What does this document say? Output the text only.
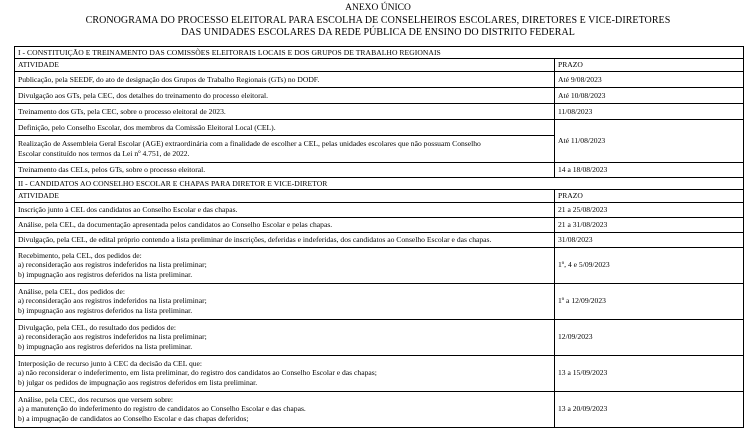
ANEXO ÚNICO
CRONOGRAMA DO PROCESSO ELEITORAL PARA ESCOLHA DE CONSELHEIROS ESCOLARES, DIRETORES E VICE-DIRETORES
DAS UNIDADES ESCOLARES DA REDE PÚBLICA DE ENSINO DO DISTRITO FEDERAL
I - CONSTITUIÇÃO E TREINAMENTO DAS COMISSÕES ELEITORAIS LOCAIS E DOS GRUPOS DE TRABALHO REGIONAIS	
ATIVIDADE	PRAZO
Publicação, pela SEEDF, do ato de designação dos Grupos de Trabalho Regionais (GTs) no DODF.	Até 9/08/2023
Divulgação aos GTs, pela CEC, dos detalhes do treinamento do processo eleitoral.	Até 10/08/2023
Treinamento dos GTs, pela CEC, sobre o processo eleitoral de 2023.	11/08/2023
Definição, pelo Conselho Escolar, dos membros da Comissão Eleitoral Local (CEL).	Até 11/08/2023

Realização de Assembleia Geral Escolar (AGE) extraordinária com a finalidade de escolher a CEL, pelas unidades escolares que não possuam Conselho
Escolar constituído nos termos da Lei nº 4.751, de 2022.	

Treinamento das CELs, pelos GTs, sobre o processo eleitoral.	14 a 18/08/2023
II - CANDIDATOS AO CONSELHO ESCOLAR E CHAPAS PARA DIRETOR E VICE-DIRETOR	
ATIVIDADE	PRAZO
Inscrição junto à CEL dos candidatos ao Conselho Escolar e das chapas.	21 a 25/08/2023
Análise, pela CEL, da documentação apresentada pelos candidatos ao Conselho Escolar e pelas chapas.	21 a 31/08/2023
Divulgação, pela CEL, de edital próprio contendo a lista preliminar de inscrições, deferidas e indeferidas, dos candidatos ao Conselho Escolar e das chapas.	31/08/2023

Recebimento, pela CEL, dos pedidos de:
a) reconsideração aos registros indeferidos na lista preliminar;
b) impugnação aos registros deferidos na lista preliminar.	1º, 4 e 5/09/2023

Análise, pela CEL, dos pedidos de:
a) reconsideração aos registros indeferidos na lista preliminar;
b) impugnação aos registros deferidos na lista preliminar.	1º a 12/09/2023

Divulgação, pela CEL, do resultado dos pedidos de:
a) reconsideração aos registros indeferidos na lista preliminar;
b) impugnação aos registros deferidos na lista preliminar.	12/09/2023

Interposição de recurso junto à CEC da decisão da CEL que:
a) não reconsiderar o indeferimento, em lista preliminar, do registro dos candidatos ao Conselho Escolar e das chapas;
b) julgar os pedidos de impugnação aos registros deferidos em lista preliminar.	13 a 15/09/2023

Análise, pela CEC, dos recursos que versem sobre:
a) a manutenção do indeferimento do registro de candidatos ao Conselho Escolar e das chapas.
b) a impugnação de candidatos ao Conselho Escolar e das chapas deferidos;	13 a 20/09/2023
